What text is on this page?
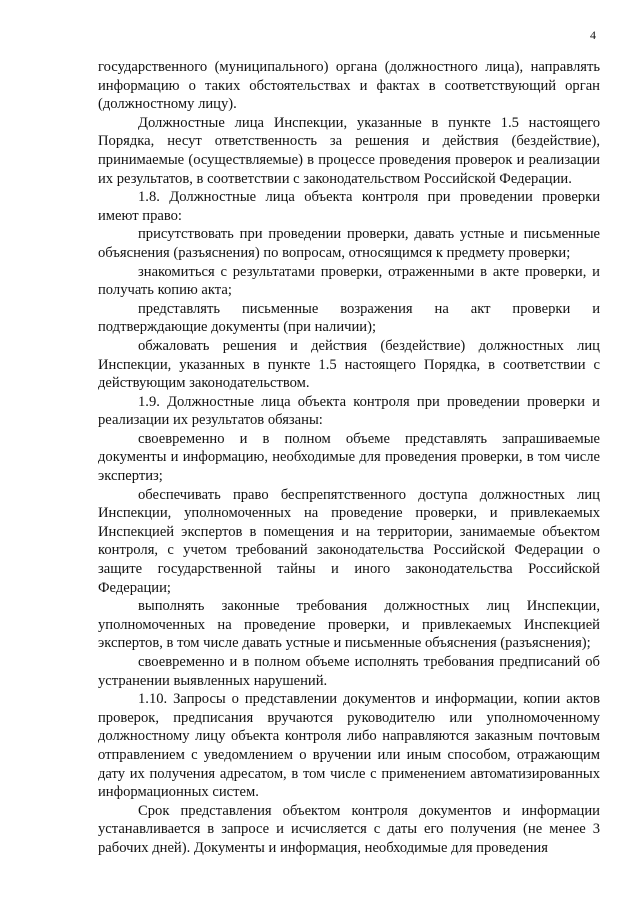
4

государственного (муниципального) органа (должностного лица), направлять информацию о таких обстоятельствах и фактах в соответствующий орган (должностному лицу).

Должностные лица Инспекции, указанные в пункте 1.5 настоящего Порядка, несут ответственность за решения и действия (бездействие), принимаемые (осуществляемые) в процессе проведения проверок и реализации их результатов, в соответствии с законодательством Российской Федерации.

1.8. Должностные лица объекта контроля при проведении проверки имеют право:

присутствовать при проведении проверки, давать устные и письменные объяснения (разъяснения) по вопросам, относящимся к предмету проверки;

знакомиться с результатами проверки, отраженными в акте проверки, и получать копию акта;

представлять письменные возражения на акт проверки и подтверждающие документы (при наличии);

обжаловать решения и действия (бездействие) должностных лиц Инспекции, указанных в пункте 1.5 настоящего Порядка, в соответствии с действующим законодательством.

1.9. Должностные лица объекта контроля при проведении проверки и реализации их результатов обязаны:

своевременно и в полном объеме представлять запрашиваемые документы и информацию, необходимые для проведения проверки, в том числе экспертиз;

обеспечивать право беспрепятственного доступа должностных лиц Инспекции, уполномоченных на проведение проверки, и привлекаемых Инспекцией экспертов в помещения и на территории, занимаемые объектом контроля, с учетом требований законодательства Российской Федерации о защите государственной тайны и иного законодательства Российской Федерации;

выполнять законные требования должностных лиц Инспекции, уполномоченных на проведение проверки, и привлекаемых Инспекцией экспертов, в том числе давать устные и письменные объяснения (разъяснения);

своевременно и в полном объеме исполнять требования предписаний об устранении выявленных нарушений.

1.10. Запросы о представлении документов и информации, копии актов проверок, предписания вручаются руководителю или уполномоченному должностному лицу объекта контроля либо направляются заказным почтовым отправлением с уведомлением о вручении или иным способом, отражающим дату их получения адресатом, в том числе с применением автоматизированных информационных систем.

Срок представления объектом контроля документов и информации устанавливается в запросе и исчисляется с даты его получения (не менее 3 рабочих дней). Документы и информация, необходимые для проведения
